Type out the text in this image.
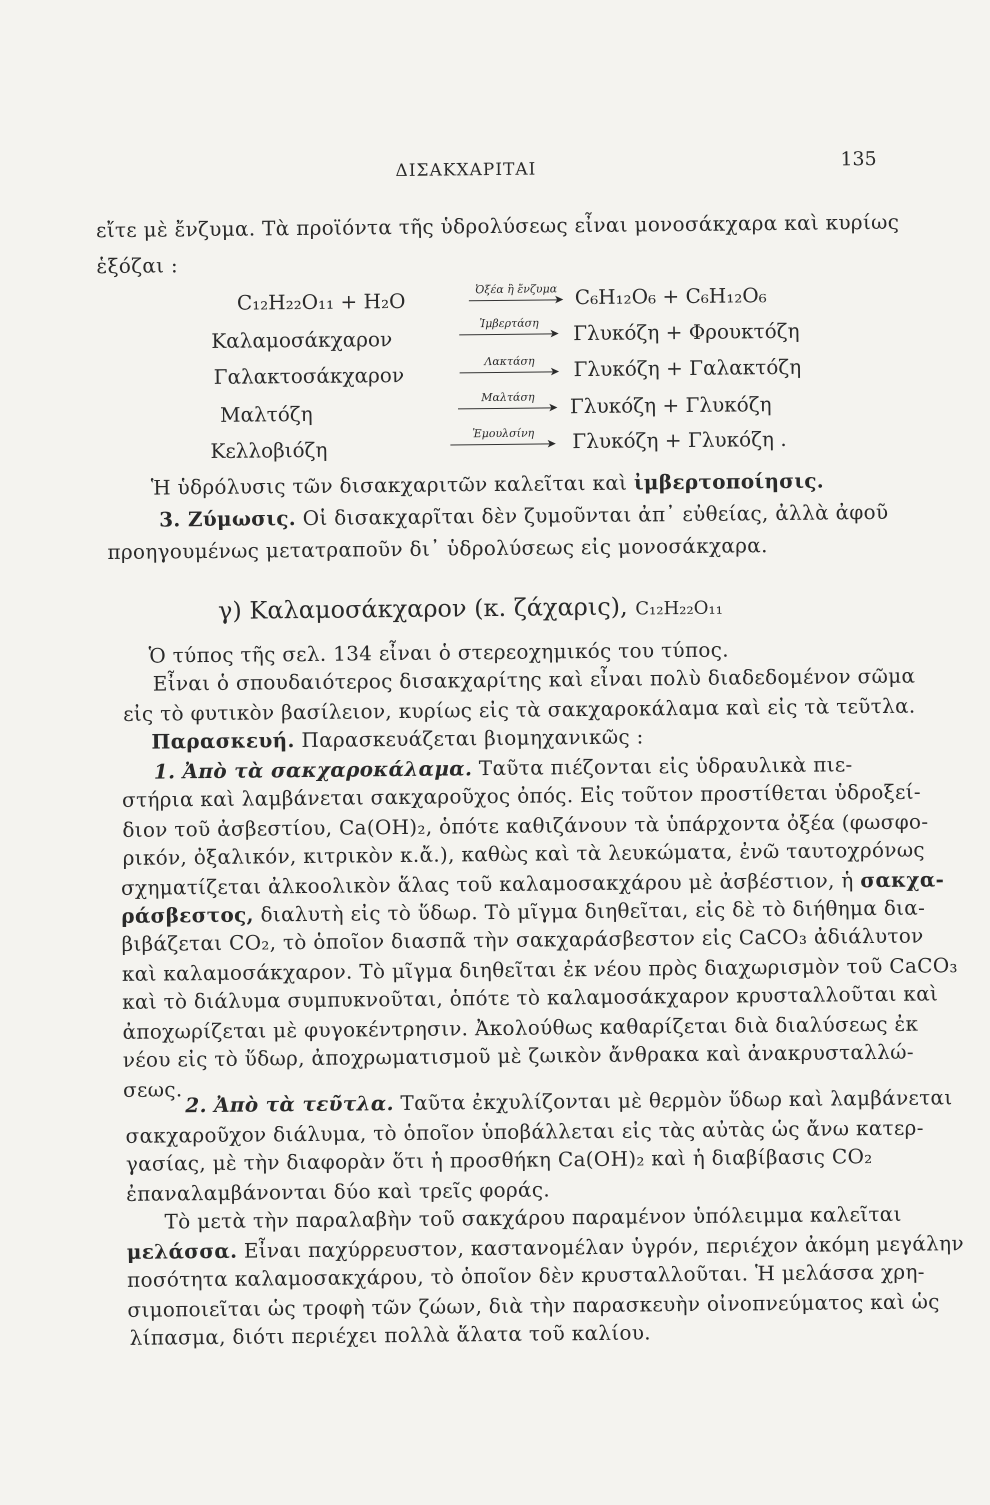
ΔΙΣΑΚΧΑΡΙΤΑΙ	135
εἴτε μὲ ἔνζυμα. Τὰ προϊόντα τῆς ὑδρολύσεως εἶναι μονοσάκχαρα καὶ κυρίως
ἑξόζαι :
C₁₂H₂₂O₁₁ + H₂O	Ὀξέα ἢ ἔνζυμα
➤ C₆H₁₂O₆ + C₆H₁₂O₆
Καλαμοσάκχαρον
Ἰμβερτάση
➤ Γλυκόζη + Φρουκτόζη
Γαλακτοσάκχαρον
Λακτάση
➤ Γλυκόζη + Γαλακτόζη
Μαλτόζη
Μαλτάση
➤ Γλυκόζη + Γλυκόζη
Κελλοβιόζη
Ἐμουλσίνη
➤ Γλυκόζη + Γλυκόζη .
Ἡ ὑδρόλυσις τῶν δισακχαριτῶν καλεῖται καὶ ἰμβερτοποίησις.
3. Ζύμωσις. Οἱ δισακχαρῖται δὲν ζυμοῦνται ἀπ᾿ εὐθείας, ἀλλὰ ἀφοῦ
προηγουμένως μετατραποῦν δι᾿ ὑδρολύσεως εἰς μονοσάκχαρα.
γ) Καλαμοσάκχαρον (κ. ζάχαρις), C₁₂H₂₂O₁₁
Ὁ τύπος τῆς σελ. 134 εἶναι ὁ στερεοχημικός του τύπος.
Εἶναι ὁ σπουδαιότερος δισακχαρίτης καὶ εἶναι πολὺ διαδεδομένον σῶμα
εἰς τὸ φυτικὸν βασίλειον, κυρίως εἰς τὰ σακχαροκάλαμα καὶ εἰς τὰ τεῦτλα.
Παρασκευή. Παρασκευάζεται βιομηχανικῶς :
1. Ἀπὸ τὰ σακχαροκάλαμα. Ταῦτα πιέζονται εἰς ὑδραυλικὰ πιε-
στήρια καὶ λαμβάνεται σακχαροῦχος ὀπός. Εἰς τοῦτον προστίθεται ὑδροξεί-
διον τοῦ ἀσβεστίου, Ca(OH)₂, ὁπότε καθιζάνουν τὰ ὑπάρχοντα ὀξέα (φωσφο-
ρικόν, ὀξαλικόν, κιτρικὸν κ.ἄ.), καθὼς καὶ τὰ λευκώματα, ἐνῶ ταυτοχρόνως
σχηματίζεται ἀλκοολικὸν ἅλας τοῦ καλαμοσακχάρου μὲ ἀσβέστιον, ἡ σακχα-
ράσβεστος, διαλυτὴ εἰς τὸ ὕδωρ. Τὸ μῖγμα διηθεῖται, εἰς δὲ τὸ διήθημα δια-
βιβάζεται CO₂, τὸ ὁποῖον διασπᾶ τὴν σακχαράσβεστον εἰς CaCO₃ ἀδιάλυτον
καὶ καλαμοσάκχαρον. Τὸ μῖγμα διηθεῖται ἐκ νέου πρὸς διαχωρισμὸν τοῦ CaCO₃
καὶ τὸ διάλυμα συμπυκνοῦται, ὁπότε τὸ καλαμοσάκχαρον κρυσταλλοῦται καὶ
ἀποχωρίζεται μὲ φυγοκέντρησιν. Ἀκολούθως καθαρίζεται διὰ διαλύσεως ἐκ
νέου εἰς τὸ ὕδωρ, ἀποχρωματισμοῦ μὲ ζωικὸν ἄνθρακα καὶ ἀνακρυσταλλώ-
σεως.
2. Ἀπὸ τὰ τεῦτλα. Ταῦτα ἐκχυλίζονται μὲ θερμὸν ὕδωρ καὶ λαμβάνεται
σακχαροῦχον διάλυμα, τὸ ὁποῖον ὑποβάλλεται εἰς τὰς αὐτὰς ὡς ἄνω κατερ-
γασίας, μὲ τὴν διαφορὰν ὅτι ἡ προσθήκη Ca(OH)₂ καὶ ἡ διαβίβασις CO₂
ἐπαναλαμβάνονται δύο καὶ τρεῖς φοράς.
Τὸ μετὰ τὴν παραλαβὴν τοῦ σακχάρου παραμένον ὑπόλειμμα καλεῖται
μελάσσα. Εἶναι παχύρρευστον, καστανομέλαν ὑγρόν, περιέχον ἀκόμη μεγάλην
ποσότητα καλαμοσακχάρου, τὸ ὁποῖον δὲν κρυσταλλοῦται. Ἡ μελάσσα χρη-
σιμοποιεῖται ὡς τροφὴ τῶν ζώων, διὰ τὴν παρασκευὴν οἰνοπνεύματος καὶ ὡς
λίπασμα, διότι περιέχει πολλὰ ἅλατα τοῦ καλίου.
